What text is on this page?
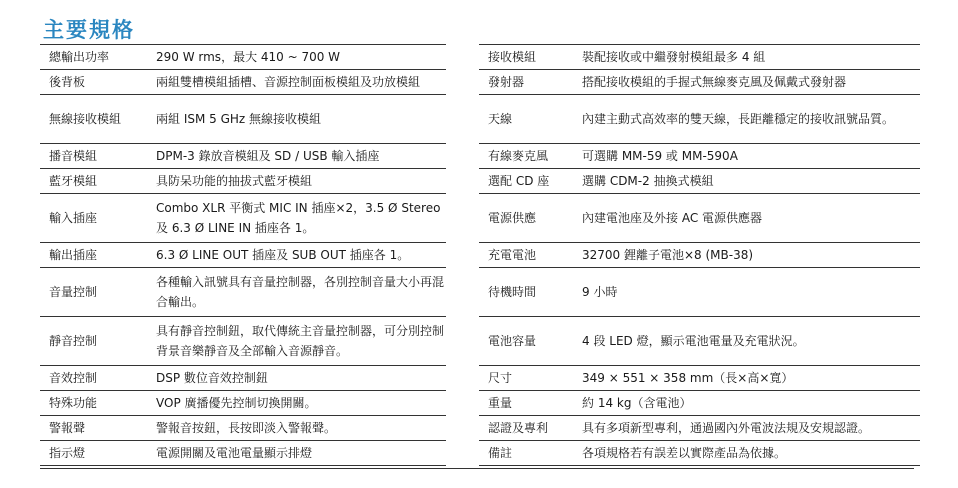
主要規格
總輸出功率	290 W rms，最大 410 ~ 700 W
後背板	兩組雙槽模組插槽、音源控制面板模組及功放模組
無線接收模組	兩組 ISM 5 GHz 無線接收模組
播音模組	DPM-3 錄放音模組及 SD / USB 輸入插座
藍牙模組	具防呆功能的抽拔式藍牙模組
輸入插座	Combo XLR 平衡式 MIC IN 插座×2，3.5 Ø Stereo 及 6.3 Ø LINE IN 插座各 1。
輸出插座	6.3 Ø LINE OUT 插座及 SUB OUT 插座各 1。
音量控制	各種輸入訊號具有音量控制器，各別控制音量大小再混合輸出。
靜音控制	具有靜音控制鈕，取代傳統主音量控制器，可分別控制背景音樂靜音及全部輸入音源靜音。
音效控制	DSP 數位音效控制鈕
特殊功能	VOP 廣播優先控制切換開關。
警報聲	警報音按鈕，長按即淡入警報聲。
指示燈	電源開關及電池電量顯示排燈
接收模組	裝配接收或中繼發射模組最多 4 組
發射器	搭配接收模組的手握式無線麥克風及佩戴式發射器
天線	內建主動式高效率的雙天線，長距離穩定的接收訊號品質。
有線麥克風	可選購 MM-59 或 MM-590A
選配 CD 座	選購 CDM-2 抽換式模組
電源供應	內建電池座及外接 AC 電源供應器
充電電池	32700 鋰離子電池×8 (MB-38)
待機時間	9 小時
電池容量	4 段 LED 燈，顯示電池電量及充電狀況。
尺寸	349 × 551 × 358 mm（長×高×寬）
重量	約 14 kg（含電池）
認證及專利	具有多項新型專利，通過國內外電波法規及安規認證。
備註	各項規格若有誤差以實際產品為依據。
